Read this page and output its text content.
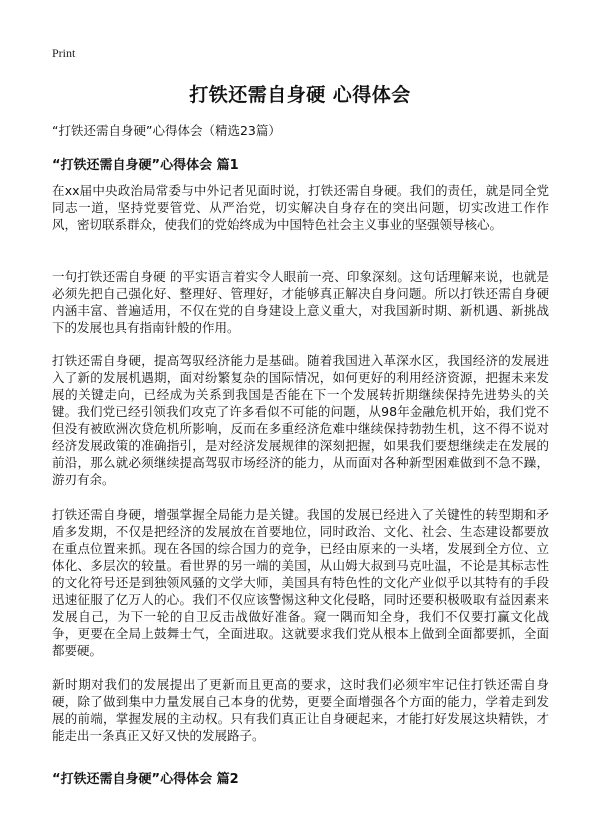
Print
打铁还需自身硬 心得体会
“打铁还需自身硬”心得体会（精选23篇）
“打铁还需自身硬”心得体会 篇1
在xx届中央政治局常委与中外记者见面时说，打铁还需自身硬。我们的责任，就是同全党同志一道，坚持党要管党、从严治党，切实解决自身存在的突出问题，切实改进工作作风，密切联系群众，使我们的党始终成为中国特色社会主义事业的坚强领导核心。
一句打铁还需自身硬 的平实语言着实令人眼前一亮、印象深刻。这句话理解来说，也就是必须先把自己强化好、整理好、管理好，才能够真正解决自身问题。所以打铁还需自身硬内涵丰富、普遍适用，不仅在党的自身建设上意义重大，对我国新时期、新机遇、新挑战下的发展也具有指南针般的作用。
打铁还需自身硬，提高驾驭经济能力是基础。随着我国进入革深水区，我国经济的发展进入了新的发展机遇期，面对纷繁复杂的国际情况，如何更好的利用经济资源，把握未来发展的关键走向，已经成为关系到我国是否能在下一个发展转折期继续保持先进势头的关键。我们党已经引领我们攻克了许多看似不可能的问题，从98年金融危机开始，我们党不但没有被欧洲次贷危机所影响，反而在多重经济危难中继续保持勃勃生机，这不得不说对经济发展政策的准确指引，是对经济发展规律的深刻把握，如果我们要想继续走在发展的前沿，那么就必须继续提高驾驭市场经济的能力，从而面对各种新型困难做到不急不躁，游刃有余。
打铁还需自身硬，增强掌握全局能力是关键。我国的发展已经进入了关键性的转型期和矛盾多发期，不仅是把经济的发展放在首要地位，同时政治、文化、社会、生态建设都要放在重点位置来抓。现在各国的综合国力的竞争，已经由原来的一头堵，发展到全方位、立体化、多层次的较量。看世界的另一端的美国，从山姆大叔到马克吐温，不论是其标志性的文化符号还是到独领风骚的文学大师，美国具有特色性的文化产业似乎以其特有的手段迅速征服了亿万人的心。我们不仅应该警惕这种文化侵略，同时还要积极吸取有益因素来发展自己，为下一轮的自卫反击战做好准备。窥一隅而知全身，我们不仅要打赢文化战争，更要在全局上鼓舞士气，全面进取。这就要求我们党从根本上做到全面都要抓，全面都要硬。
新时期对我们的发展提出了更新而且更高的要求，这时我们必须牢牢记住打铁还需自身硬，除了做到集中力量发展自己本身的优势，更要全面增强各个方面的能力，学着走到发展的前端，掌握发展的主动权。只有我们真正让自身硬起来，才能打好发展这块精铁，才能走出一条真正又好又快的发展路子。
“打铁还需自身硬”心得体会 篇2
